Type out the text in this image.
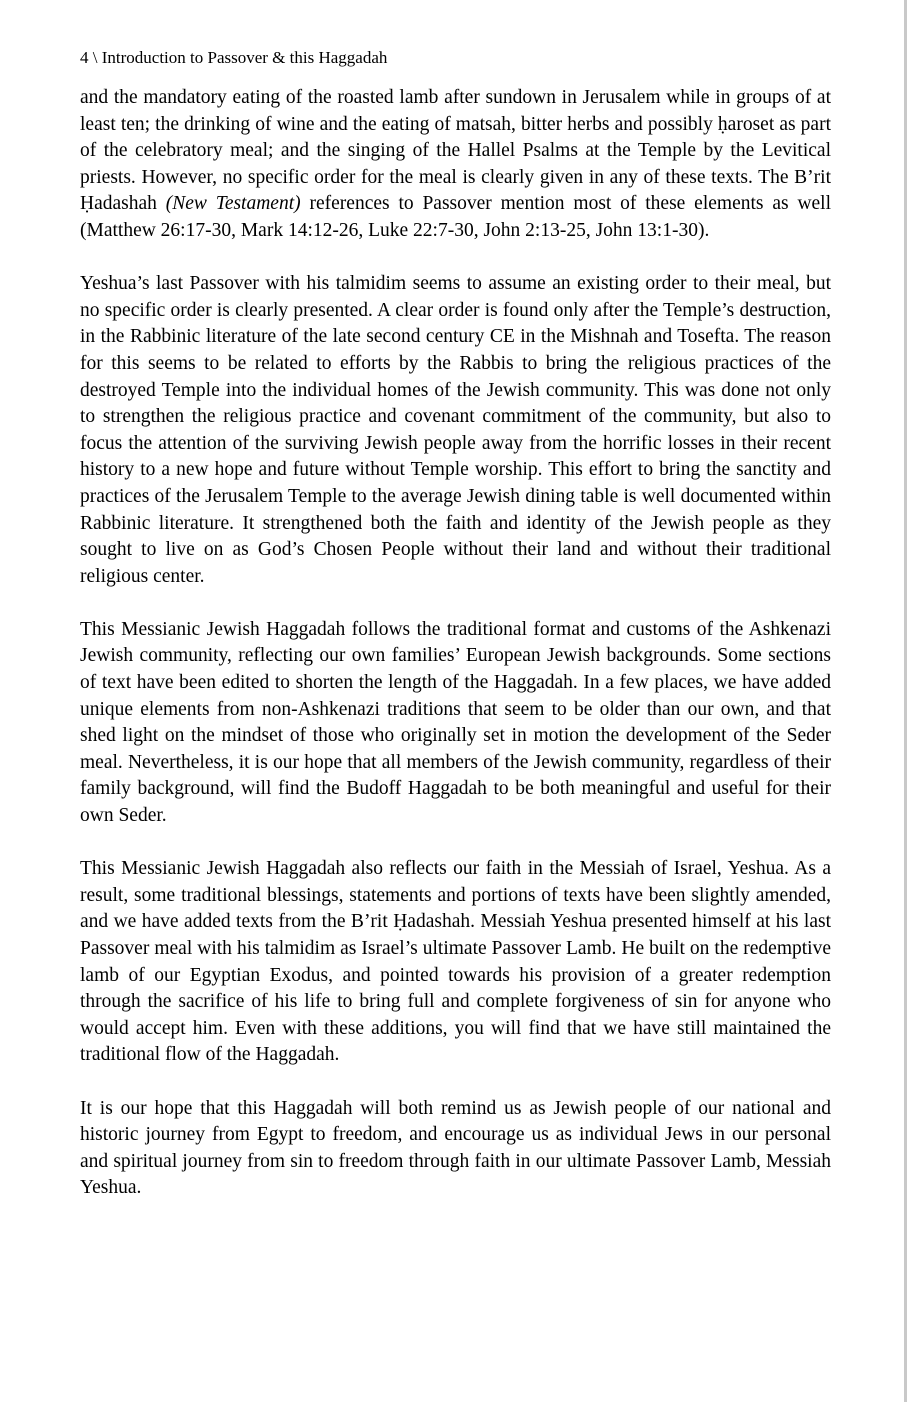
4 \ Introduction to Passover & this Haggadah

and the mandatory eating of the roasted lamb after sundown in Jerusalem while in groups of at least ten; the drinking of wine and the eating of matsah, bitter herbs and possibly ḥaroset as part of the celebratory meal; and the singing of the Hallel Psalms at the Temple by the Levitical priests. However, no specific order for the meal is clearly given in any of these texts. The B’rit Ḥadashah (New Testament) references to Passover mention most of these elements as well (Matthew 26:17-30, Mark 14:12-26, Luke 22:7-30, John 2:13-25, John 13:1-30).

Yeshua’s last Passover with his talmidim seems to assume an existing order to their meal, but no specific order is clearly presented. A clear order is found only after the Temple’s destruction, in the Rabbinic literature of the late second century CE in the Mishnah and Tosefta. The reason for this seems to be related to efforts by the Rabbis to bring the religious practices of the destroyed Temple into the individual homes of the Jewish community. This was done not only to strengthen the religious practice and covenant commitment of the community, but also to focus the attention of the surviving Jewish people away from the horrific losses in their recent history to a new hope and future without Temple worship. This effort to bring the sanctity and practices of the Jerusalem Temple to the average Jewish dining table is well documented within Rabbinic literature. It strengthened both the faith and identity of the Jewish people as they sought to live on as God’s Chosen People without their land and without their traditional religious center.

This Messianic Jewish Haggadah follows the traditional format and customs of the Ashkenazi Jewish community, reflecting our own families’ European Jewish backgrounds. Some sections of text have been edited to shorten the length of the Haggadah. In a few places, we have added unique elements from non-Ashkenazi traditions that seem to be older than our own, and that shed light on the mindset of those who originally set in motion the development of the Seder meal. Nevertheless, it is our hope that all members of the Jewish community, regardless of their family background, will find the Budoff Haggadah to be both meaningful and useful for their own Seder.

This Messianic Jewish Haggadah also reflects our faith in the Messiah of Israel, Yeshua. As a result, some traditional blessings, statements and portions of texts have been slightly amended, and we have added texts from the B’rit Ḥadashah. Messiah Yeshua presented himself at his last Passover meal with his talmidim as Israel’s ultimate Passover Lamb. He built on the redemptive lamb of our Egyptian Exodus, and pointed towards his provision of a greater redemption through the sacrifice of his life to bring full and complete forgiveness of sin for anyone who would accept him. Even with these additions, you will find that we have still maintained the traditional flow of the Haggadah.

It is our hope that this Haggadah will both remind us as Jewish people of our national and historic journey from Egypt to freedom, and encourage us as individual Jews in our personal and spiritual journey from sin to freedom through faith in our ultimate Passover Lamb, Messiah Yeshua.
